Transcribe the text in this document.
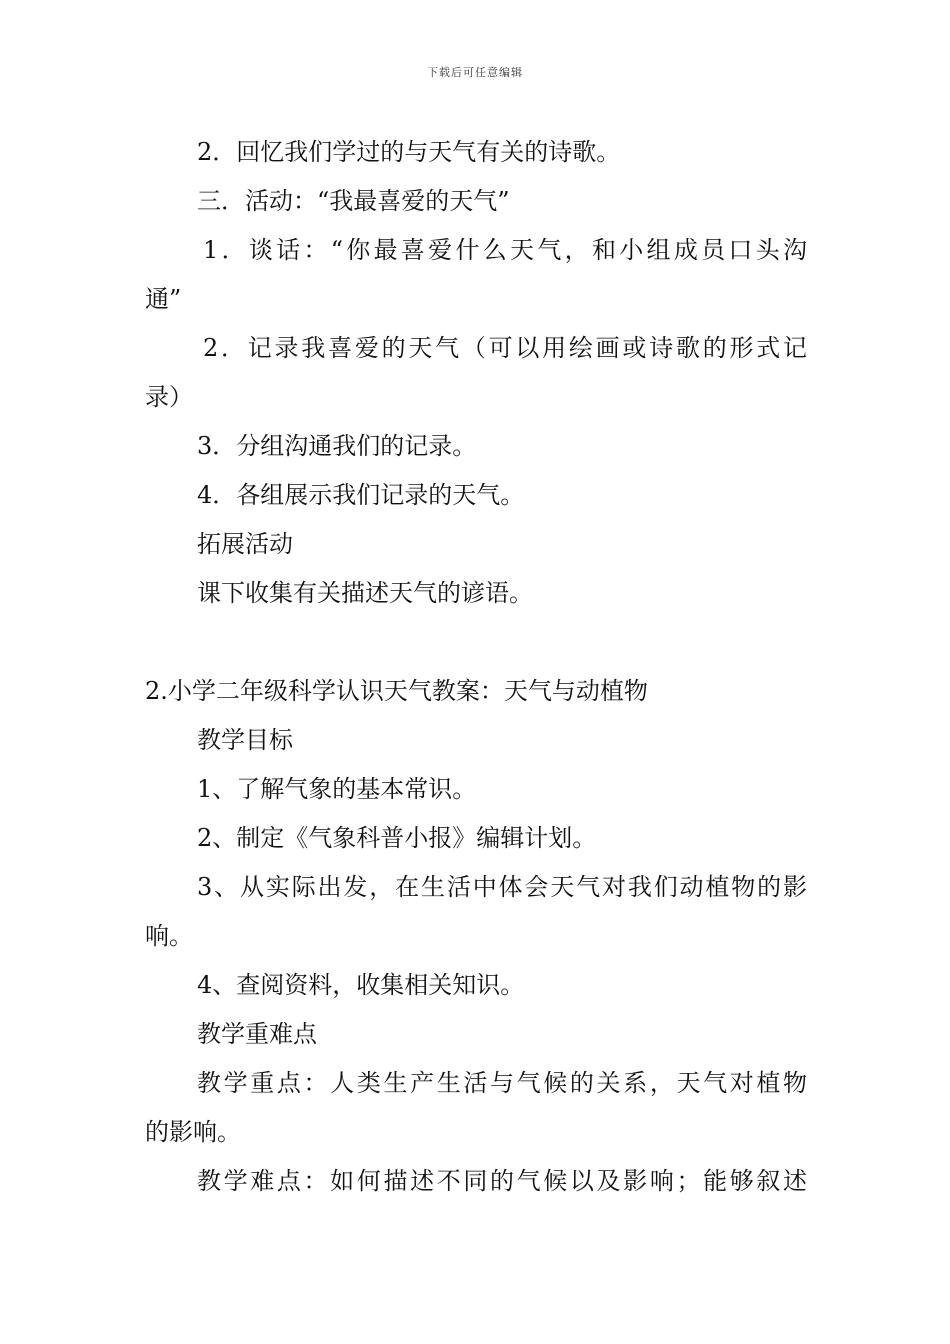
下载后可任意编辑
2．回忆我们学过的与天气有关的诗歌。
三．活动：“我最喜爱的天气”
1．谈话：“你最喜爱什么天气，和小组成员口头沟
通”
2．记录我喜爱的天气（可以用绘画或诗歌的形式记
录）
3．分组沟通我们的记录。
4．各组展示我们记录的天气。
拓展活动
课下收集有关描述天气的谚语。
2.小学二年级科学认识天气教案：天气与动植物
教学目标
1、了解气象的基本常识。
2、制定《气象科普小报》编辑计划。
3、从实际出发，在生活中体会天气对我们动植物的影
响。
4、查阅资料，收集相关知识。
教学重难点
教学重点：人类生产生活与气候的关系，天气对植物
的影响。
教学难点：如何描述不同的气候以及影响；能够叙述
